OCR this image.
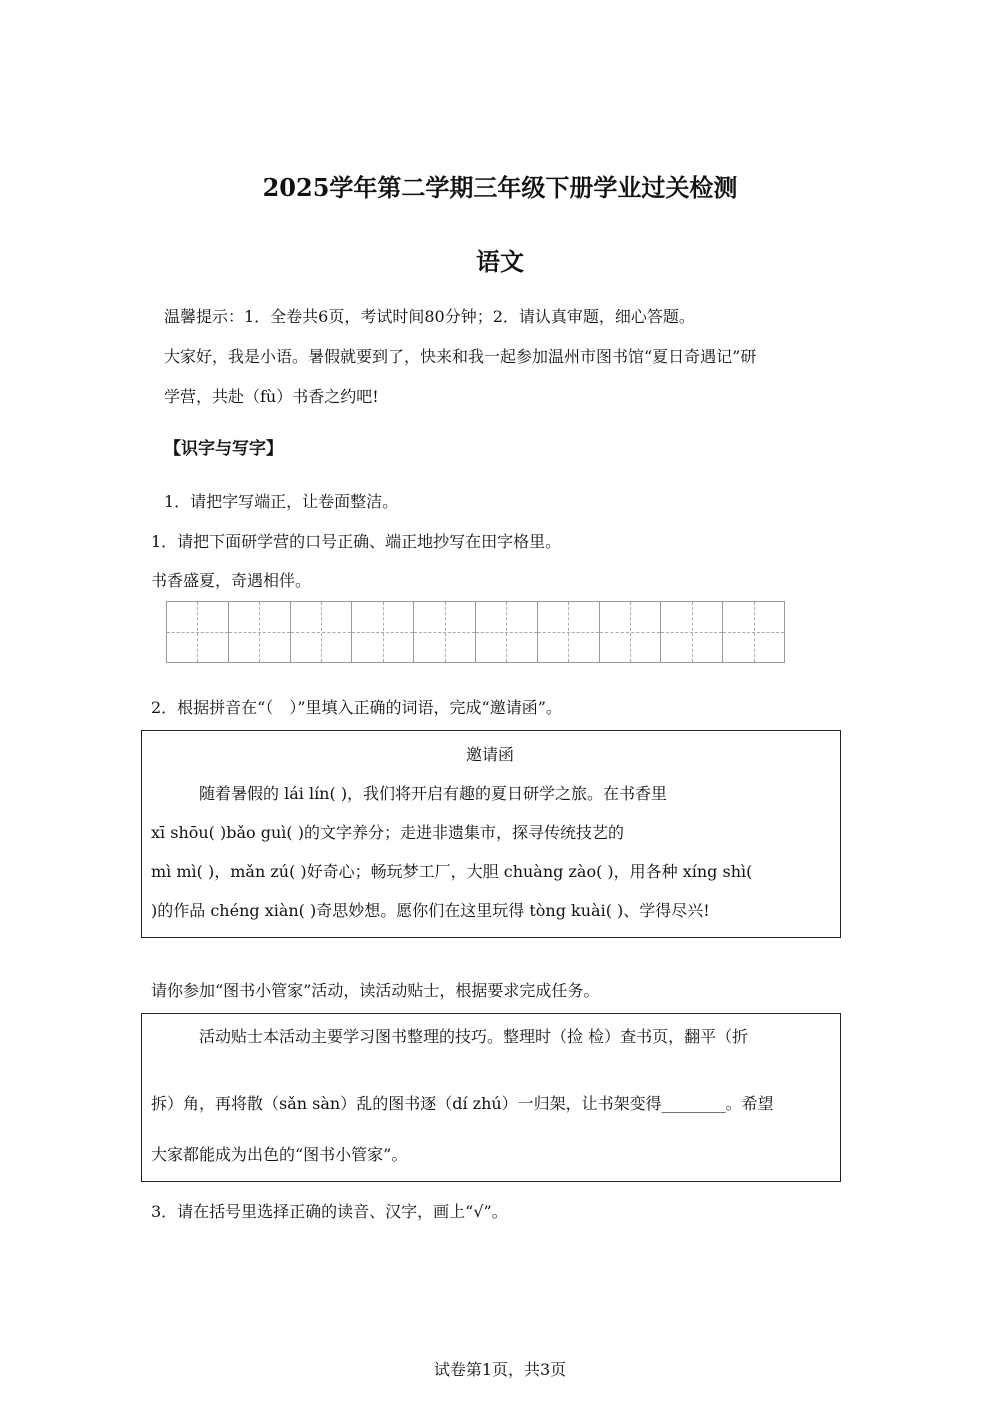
2025学年第二学期三年级下册学业过关检测
语文
温馨提示：1．全卷共6页，考试时间80分钟；2．请认真审题，细心答题。
大家好，我是小语。暑假就要到了，快来和我一起参加温州市图书馆“夏日奇遇记”研
学营，共赴（fù）书香之约吧!
【识字与写字】
1．请把字写端正，让卷面整洁。
1．请把下面研学营的口号正确、端正地抄写在田字格里。
书香盛夏，奇遇相伴。
2．根据拼音在“（　）”里填入正确的词语，完成“邀请函”。
邀请函
随着暑假的 lái lín( )，我们将开启有趣的夏日研学之旅。在书香里
xī shōu( )bǎo guì( )的文字养分；走进非遗集市，探寻传统技艺的
mì mì( )，mǎn zú( )好奇心；畅玩梦工厂，大胆 chuàng zào( )，用各种 xíng shì(
)的作品 chéng xiàn( )奇思妙想。愿你们在这里玩得 tòng kuài( )、学得尽兴!
请你参加“图书小管家”活动，读活动贴士，根据要求完成任务。
活动贴士本活动主要学习图书整理的技巧。整理时（捡 检）查书页，翻平（折
拆）角，再将散（sǎn sàn）乱的图书逐（dí zhú）一归架，让书架变得________。希望
大家都能成为出色的“图书小管家”。
3．请在括号里选择正确的读音、汉字，画上“√”。
试卷第1页，共3页
